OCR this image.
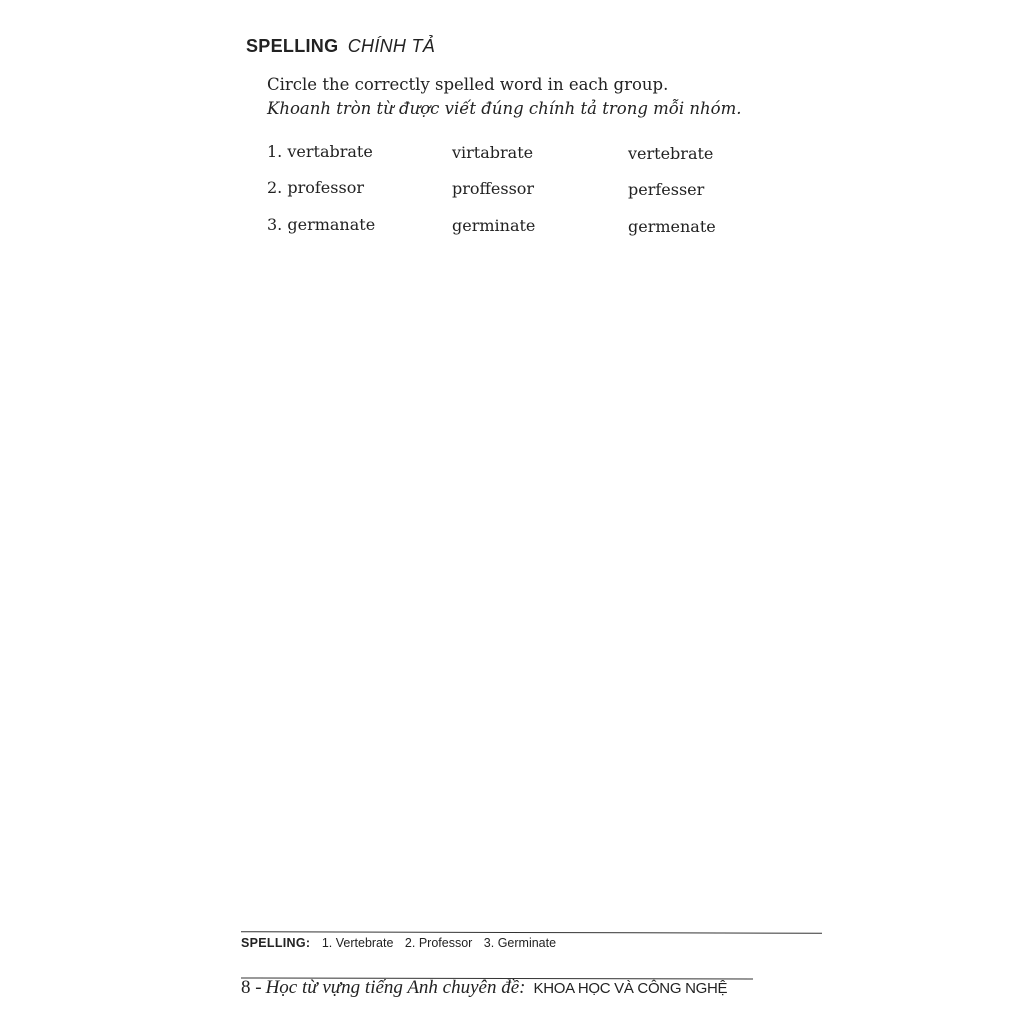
SPELLING CHÍNH TẢ
Circle the correctly spelled word in each group.
Khoanh tròn từ được viết đúng chính tả trong mỗi nhóm.
1. vertabrate	virtabrate	vertebrate
2. professor	proffessor	perfesser
3. germanate	germinate	germenate
SPELLING: 1. Vertebrate 2. Professor 3. Germinate
8 - Học từ vựng tiếng Anh chuyên đề: KHOA HỌC VÀ CÔNG NGHỆ
